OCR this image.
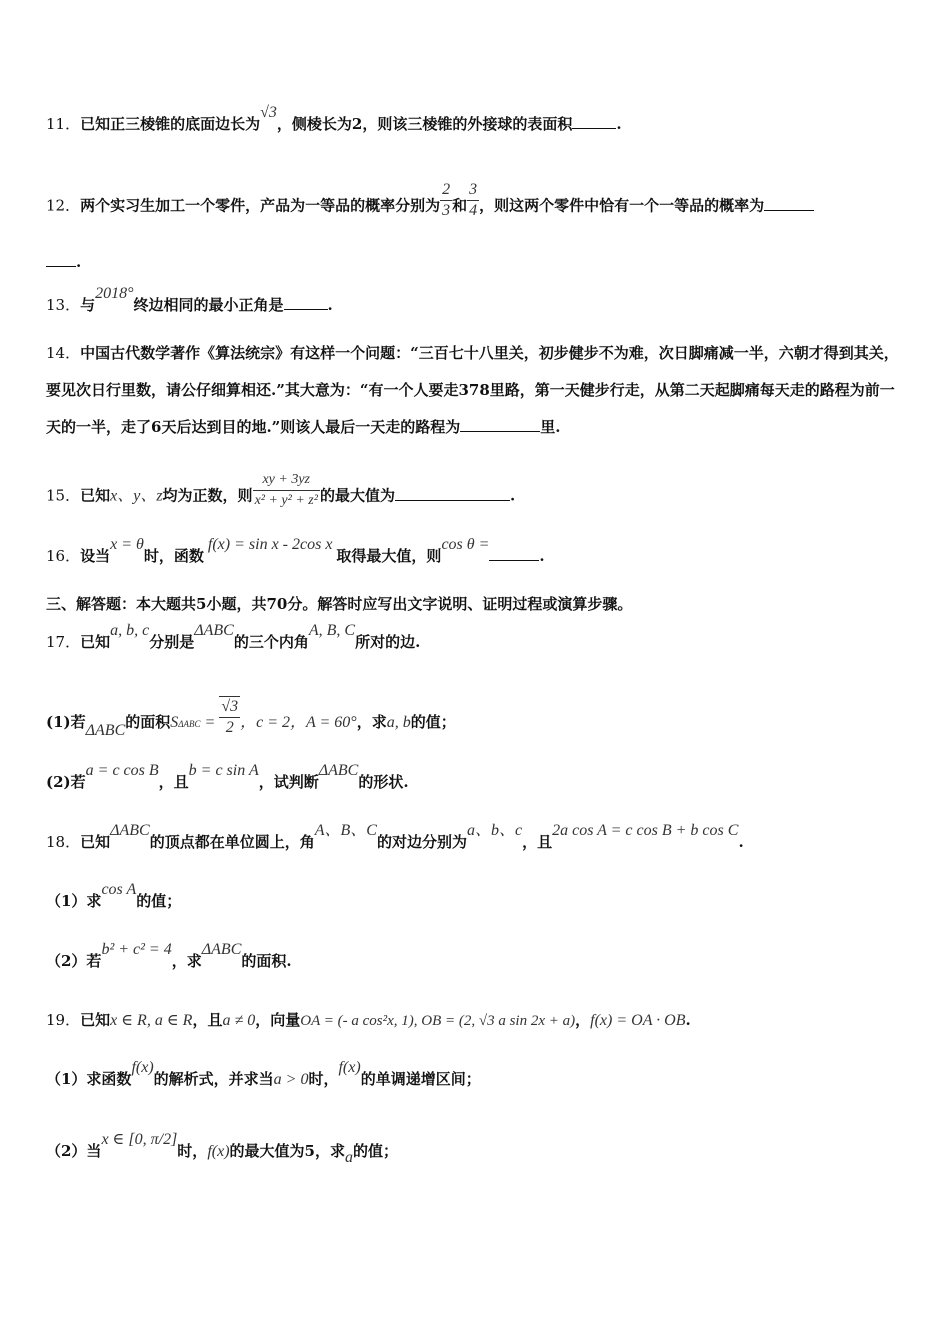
11．已知正三棱锥的底面边长为√3，侧棱长为2，则该三棱锥的外接球的表面积	.
12．两个实习生加工一个零件，产品为一等品的概率分别为 $\frac{2}{3}$ 和 $\frac{3}{4}$ ，则这两个零件中恰有一个一等品的概率为
.
13．与2018°终边相同的最小正角是	.
14．中国古代数学著作《算法统宗》有这样一个问题：“三百七十八里关，初步健步不为难，次日脚痛减一半，六朝才得到其关，要见次日行里数，请公仔细算相还.”其大意为：“有一个人要走378里路，第一天健步行走，从第二天起脚痛每天走的路程为前一天的一半，走了6天后达到目的地.”则该人最后一天走的路程为	里.
15．已知x、y、z均为正数，则 $\frac{xy + 3yz}{\text{x² + y² + z²}}$ 的最大值为	.
16．设当x = θ时，函数f(x) = sin x - 2cos x取得最大值，则cos θ =.
三、解答题：本大题共5小题，共70分。解答时应写出文字说明、证明过程或演算步骤。
17．已知a, b, c分别是ΔABC的三个内角A, B, C所对的边.
(1)若ΔABC的面积$S\Delta ABC = \frac{√3}{2}$ ，c = 2，A = 60°，求a, b的值；
(2)若a = c cos B，且b = c sin A，试判断ΔABC的形状.
18．已知ΔABC的顶点都在单位圆上，角A、B、C的对边分别为a、b、c，且2a cos A = c cos B + b cos C.
（1）求cos A的值；
（2）若b² + c² = 4，求ΔABC的面积.
19．已知x ∈ R, a ∈ R，且a ≠ 0，向量OA = (- a cos²x, 1), OB = (2, √3 a sin 2x + a)，f(x) = OA · OB.
（1）求函数f(x)的解析式，并求当a > 0时，f(x)的单调递增区间；
（2）当x ∈ [0, π/2]时，f(x)的最大值为5，求a的值；
